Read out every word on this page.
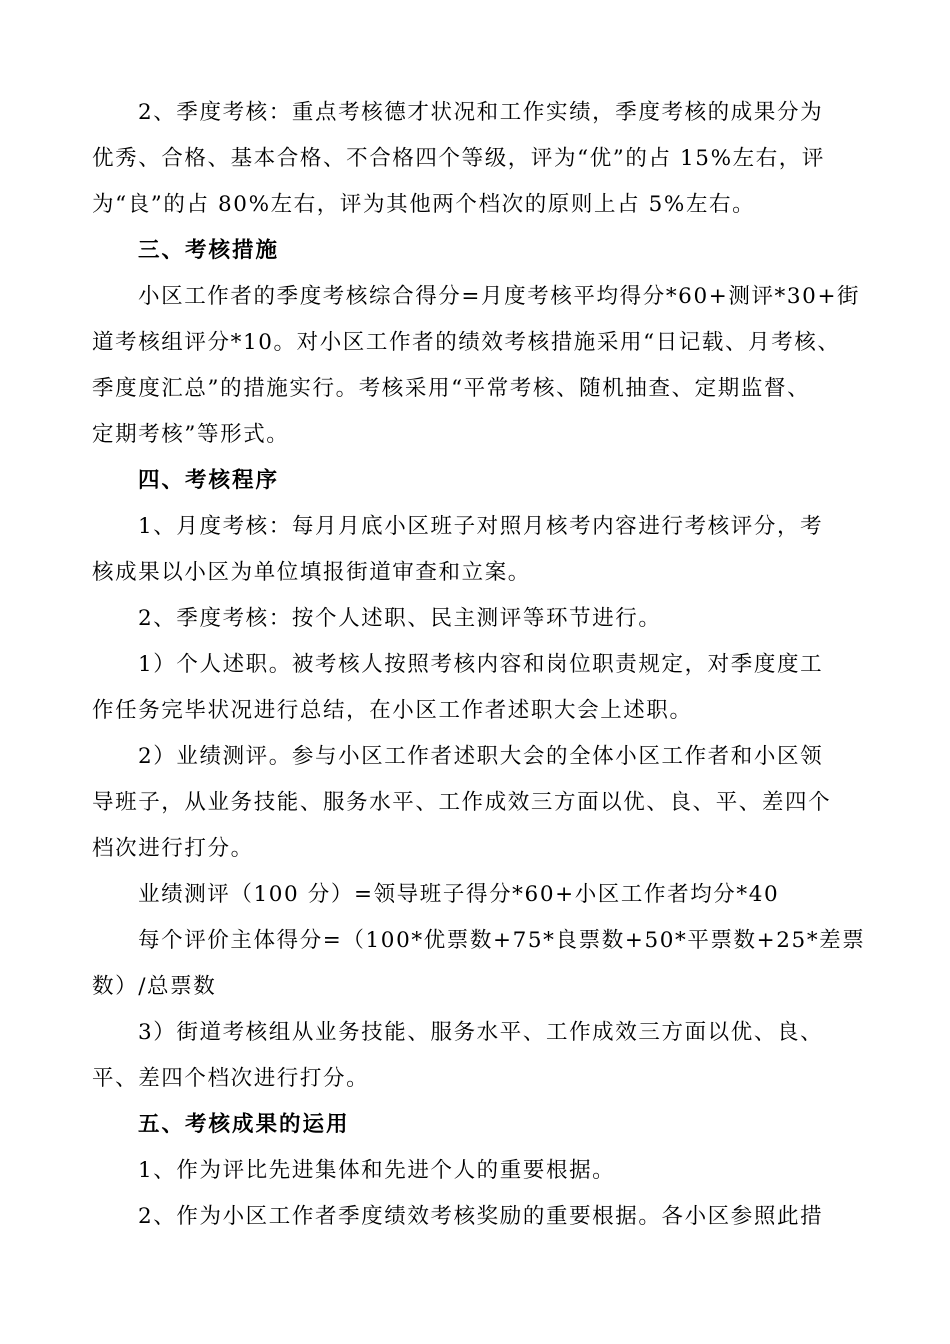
2、季度考核：重点考核德才状况和工作实绩，季度考核的成果分为
优秀、合格、基本合格、不合格四个等级，评为“优”的占 15%左右，评
为“良”的占 80%左右，评为其他两个档次的原则上占 5%左右。
三、考核措施
小区工作者的季度考核综合得分=月度考核平均得分*60+测评*30+街
道考核组评分*10。对小区工作者的绩效考核措施采用“日记载、月考核、
季度度汇总”的措施实行。考核采用“平常考核、随机抽查、定期监督、
定期考核”等形式。
四、考核程序
1、月度考核：每月月底小区班子对照月核考内容进行考核评分，考
核成果以小区为单位填报街道审查和立案。
2、季度考核：按个人述职、民主测评等环节进行。
1）个人述职。被考核人按照考核内容和岗位职责规定，对季度度工
作任务完毕状况进行总结，在小区工作者述职大会上述职。
2）业绩测评。参与小区工作者述职大会的全体小区工作者和小区领
导班子，从业务技能、服务水平、工作成效三方面以优、良、平、差四个
档次进行打分。
业绩测评（100 分）=领导班子得分*60+小区工作者均分*40
每个评价主体得分=（100*优票数+75*良票数+50*平票数+25*差票
数）/总票数
3）街道考核组从业务技能、服务水平、工作成效三方面以优、良、
平、差四个档次进行打分。
五、考核成果的运用
1、作为评比先进集体和先进个人的重要根据。
2、作为小区工作者季度绩效考核奖励的重要根据。各小区参照此措
